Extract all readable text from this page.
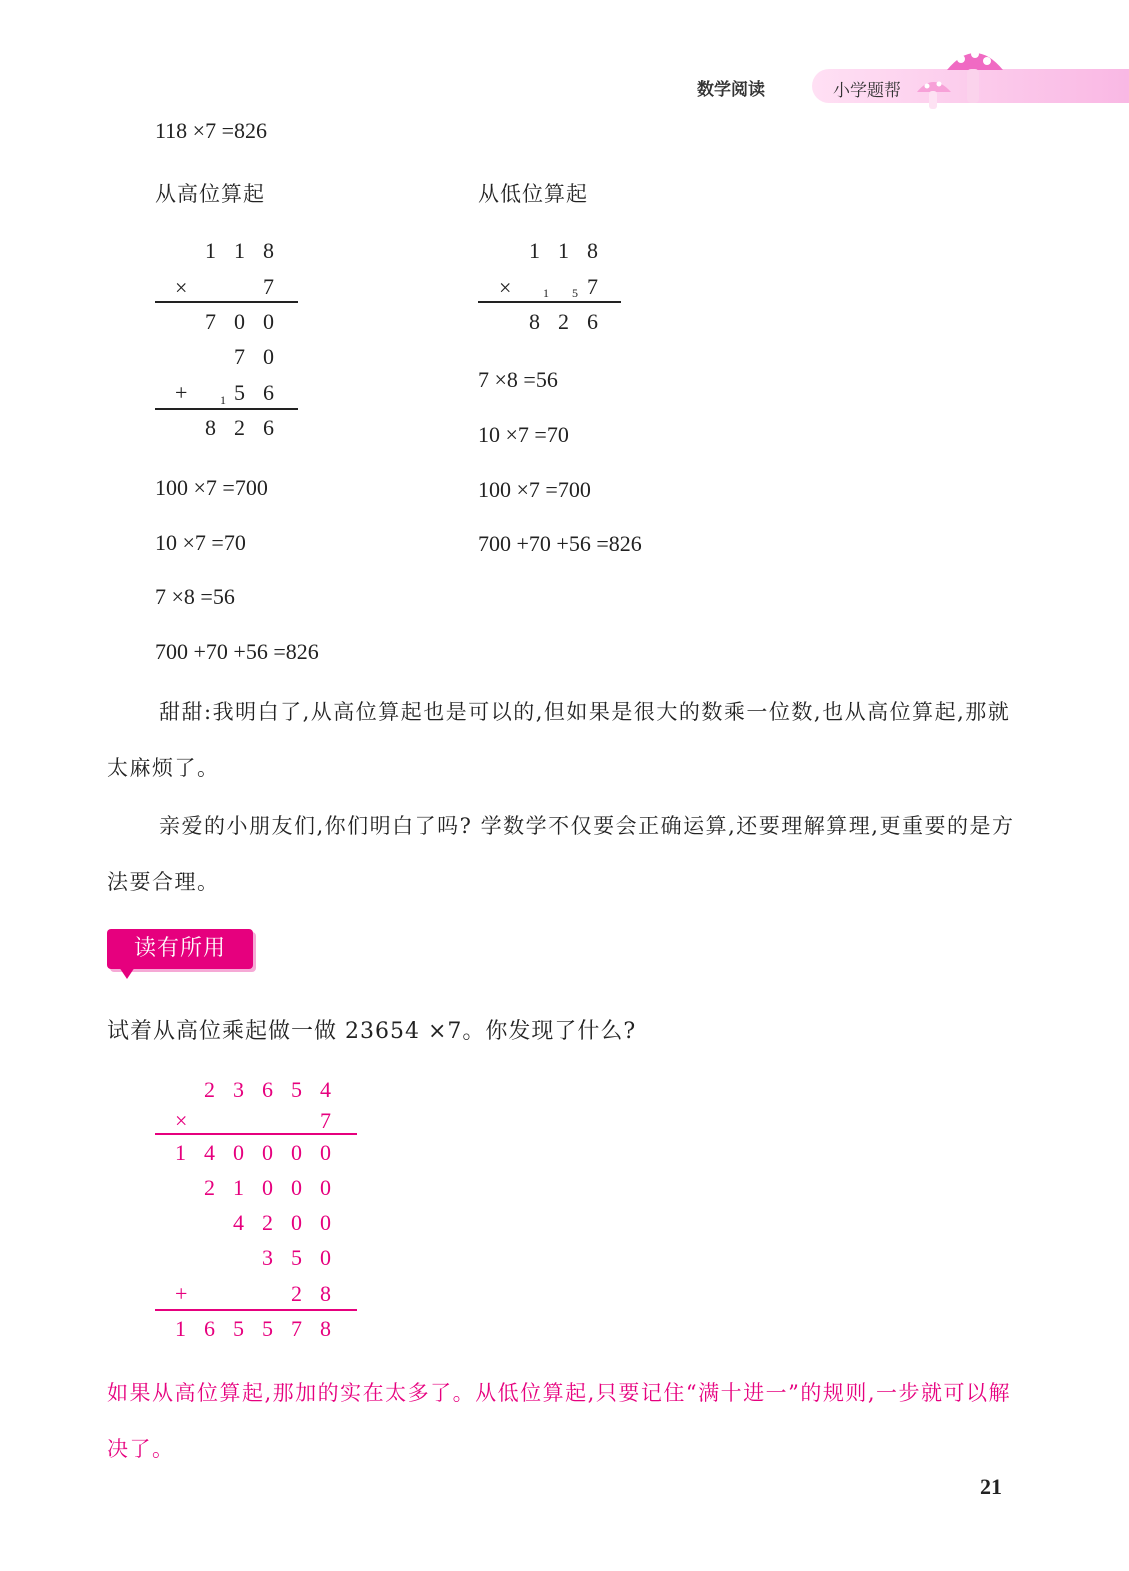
数学阅读	小学题帮
118 ×7 =826
从高位算起
1 1 8
×	7
7 0 0
7 0
+	1 5 6
8 2 6
100 ×7 =700
10 ×7 =70
7 ×8 =56
700 +70 +56 =826
从低位算起
1 1 8
×	1 5 7
8 2 6
7 ×8 =56
10 ×7 =70
100 ×7 =700
700 +70 +56 =826
甜甜:我明白了,从高位算起也是可以的,但如果是很大的数乘一位数,也从高位算起,那就太麻烦了。
亲爱的小朋友们,你们明白了吗? 学数学不仅要会正确运算,还要理解算理,更重要的是方法要合理。
读有所用
试着从高位乘起做一做 23654 ×7。你发现了什么?
2 3 6 5 4
×	7
1 4 0 0 0 0
2 1 0 0 0
4 2 0 0
3 5 0
+	2 8
1 6 5 5 7 8
如果从高位算起,那加的实在太多了。从低位算起,只要记住“满十进一”的规则,一步就可以解决了。
21
